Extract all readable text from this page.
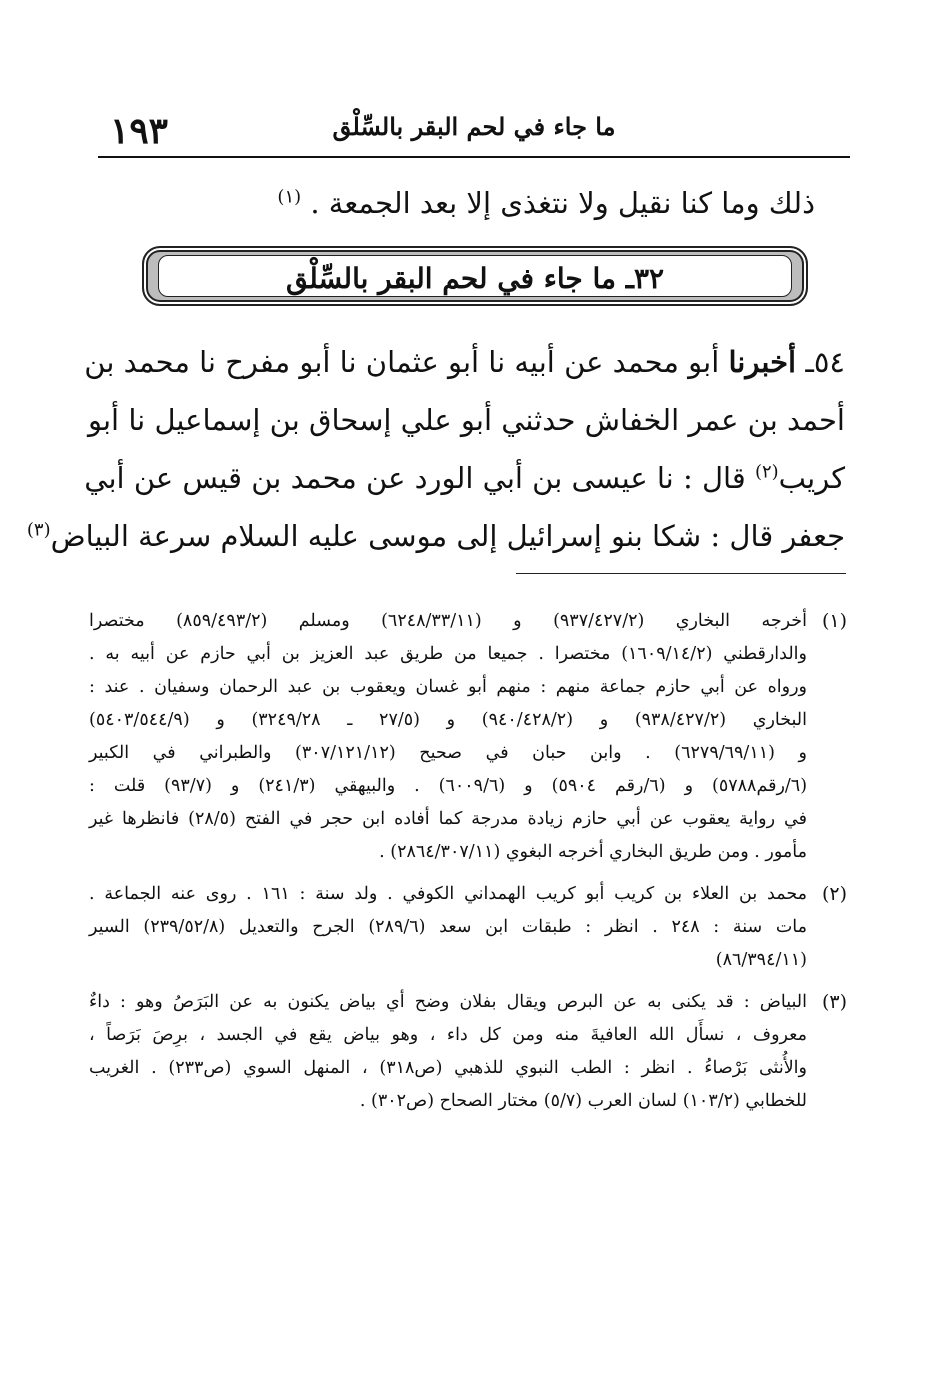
١٩٣	ما جاء في لحم البقر بالسِّلْق
ذلك وما كنا نقيل ولا نتغذى إلا بعد الجمعة . $^{(١)}$
٣٢ـ ما جاء في لحم البقر بالسِّلْق
٥٤ـ أخبرنا أبو محمد عن أبيه نا أبو عثمان نا أبو مفرح نا محمد بن
أحمد بن عمر الخفاش حدثني أبو علي إسحاق بن إسماعيل نا أبو
كريب$^{(٢)}$ قال : نا عيسى بن أبي الورد عن محمد بن قيس عن أبي
جعفر قال : شكا بنو إسرائيل إلى موسى عليه السلام سرعة البياض$^{(٣)}$
(١)
أخرجه البخاري (٩٣٧/٤٢٧/٢) و (٦٢٤٨/٣٣/١١) ومسلم (٨٥٩/٤٩٣/٢) مختصرا
والدارقطني (١٦٠٩/١٤/٢) مختصرا . جميعا من طريق عبد العزيز بن أبي حازم عن أبيه به .
ورواه عن أبي حازم جماعة منهم : منهم أبو غسان ويعقوب بن عبد الرحمان وسفيان . عند :
البخاري (٩٣٨/٤٢٧/٢) و (٩٤٠/٤٢٨/٢) و (٢٧/٥ ـ ٣٢٤٩/٢٨) و (٥٤٠٣/٥٤٤/٩)
و (٦٢٧٩/٦٩/١١) . وابن حبان في صحيح (٣٠٧/١٢١/١٢) والطبراني في الكبير
(٦/رقم٥٧٨٨) و (٦/رقم ٥٩٠٤) و (٦٠٠٩/٦) . والبيهقي (٢٤١/٣) و (٩٣/٧) قلت :
في رواية يعقوب عن أبي حازم زيادة مدرجة كما أفاده ابن حجر في الفتح (٢٨/٥) فانظرها غير
مأمور . ومن طريق البخاري أخرجه البغوي (٢٨٦٤/٣٠٧/١١) .
(٢)
محمد بن العلاء بن كريب أبو كريب الهمداني الكوفي . ولد سنة : ١٦١ . روى عنه الجماعة .
مات سنة : ٢٤٨ . انظر : طبقات ابن سعد (٢٨٩/٦) الجرح والتعديل (٢٣٩/٥٢/٨) السير
(٨٦/٣٩٤/١١)
(٣)
البياض : قد يكنى به عن البرص ويقال بفلان وضح أي بياض يكنون به عن البَرَصُ وهو : داءٌ
معروف ، نسأَل الله العافيةَ منه ومن كل داء ، وهو بياض يقع في الجسد ، برِصَ بَرَصاً ،
والأُنثى بَرْصاءُ . انظر : الطب النبوي للذهبي (ص٣١٨) ، المنهل السوي (ص٢٣٣) . الغريب
للخطابي (١٠٣/٢) لسان العرب (٥/٧) مختار الصحاح (ص٣٠٢) .
